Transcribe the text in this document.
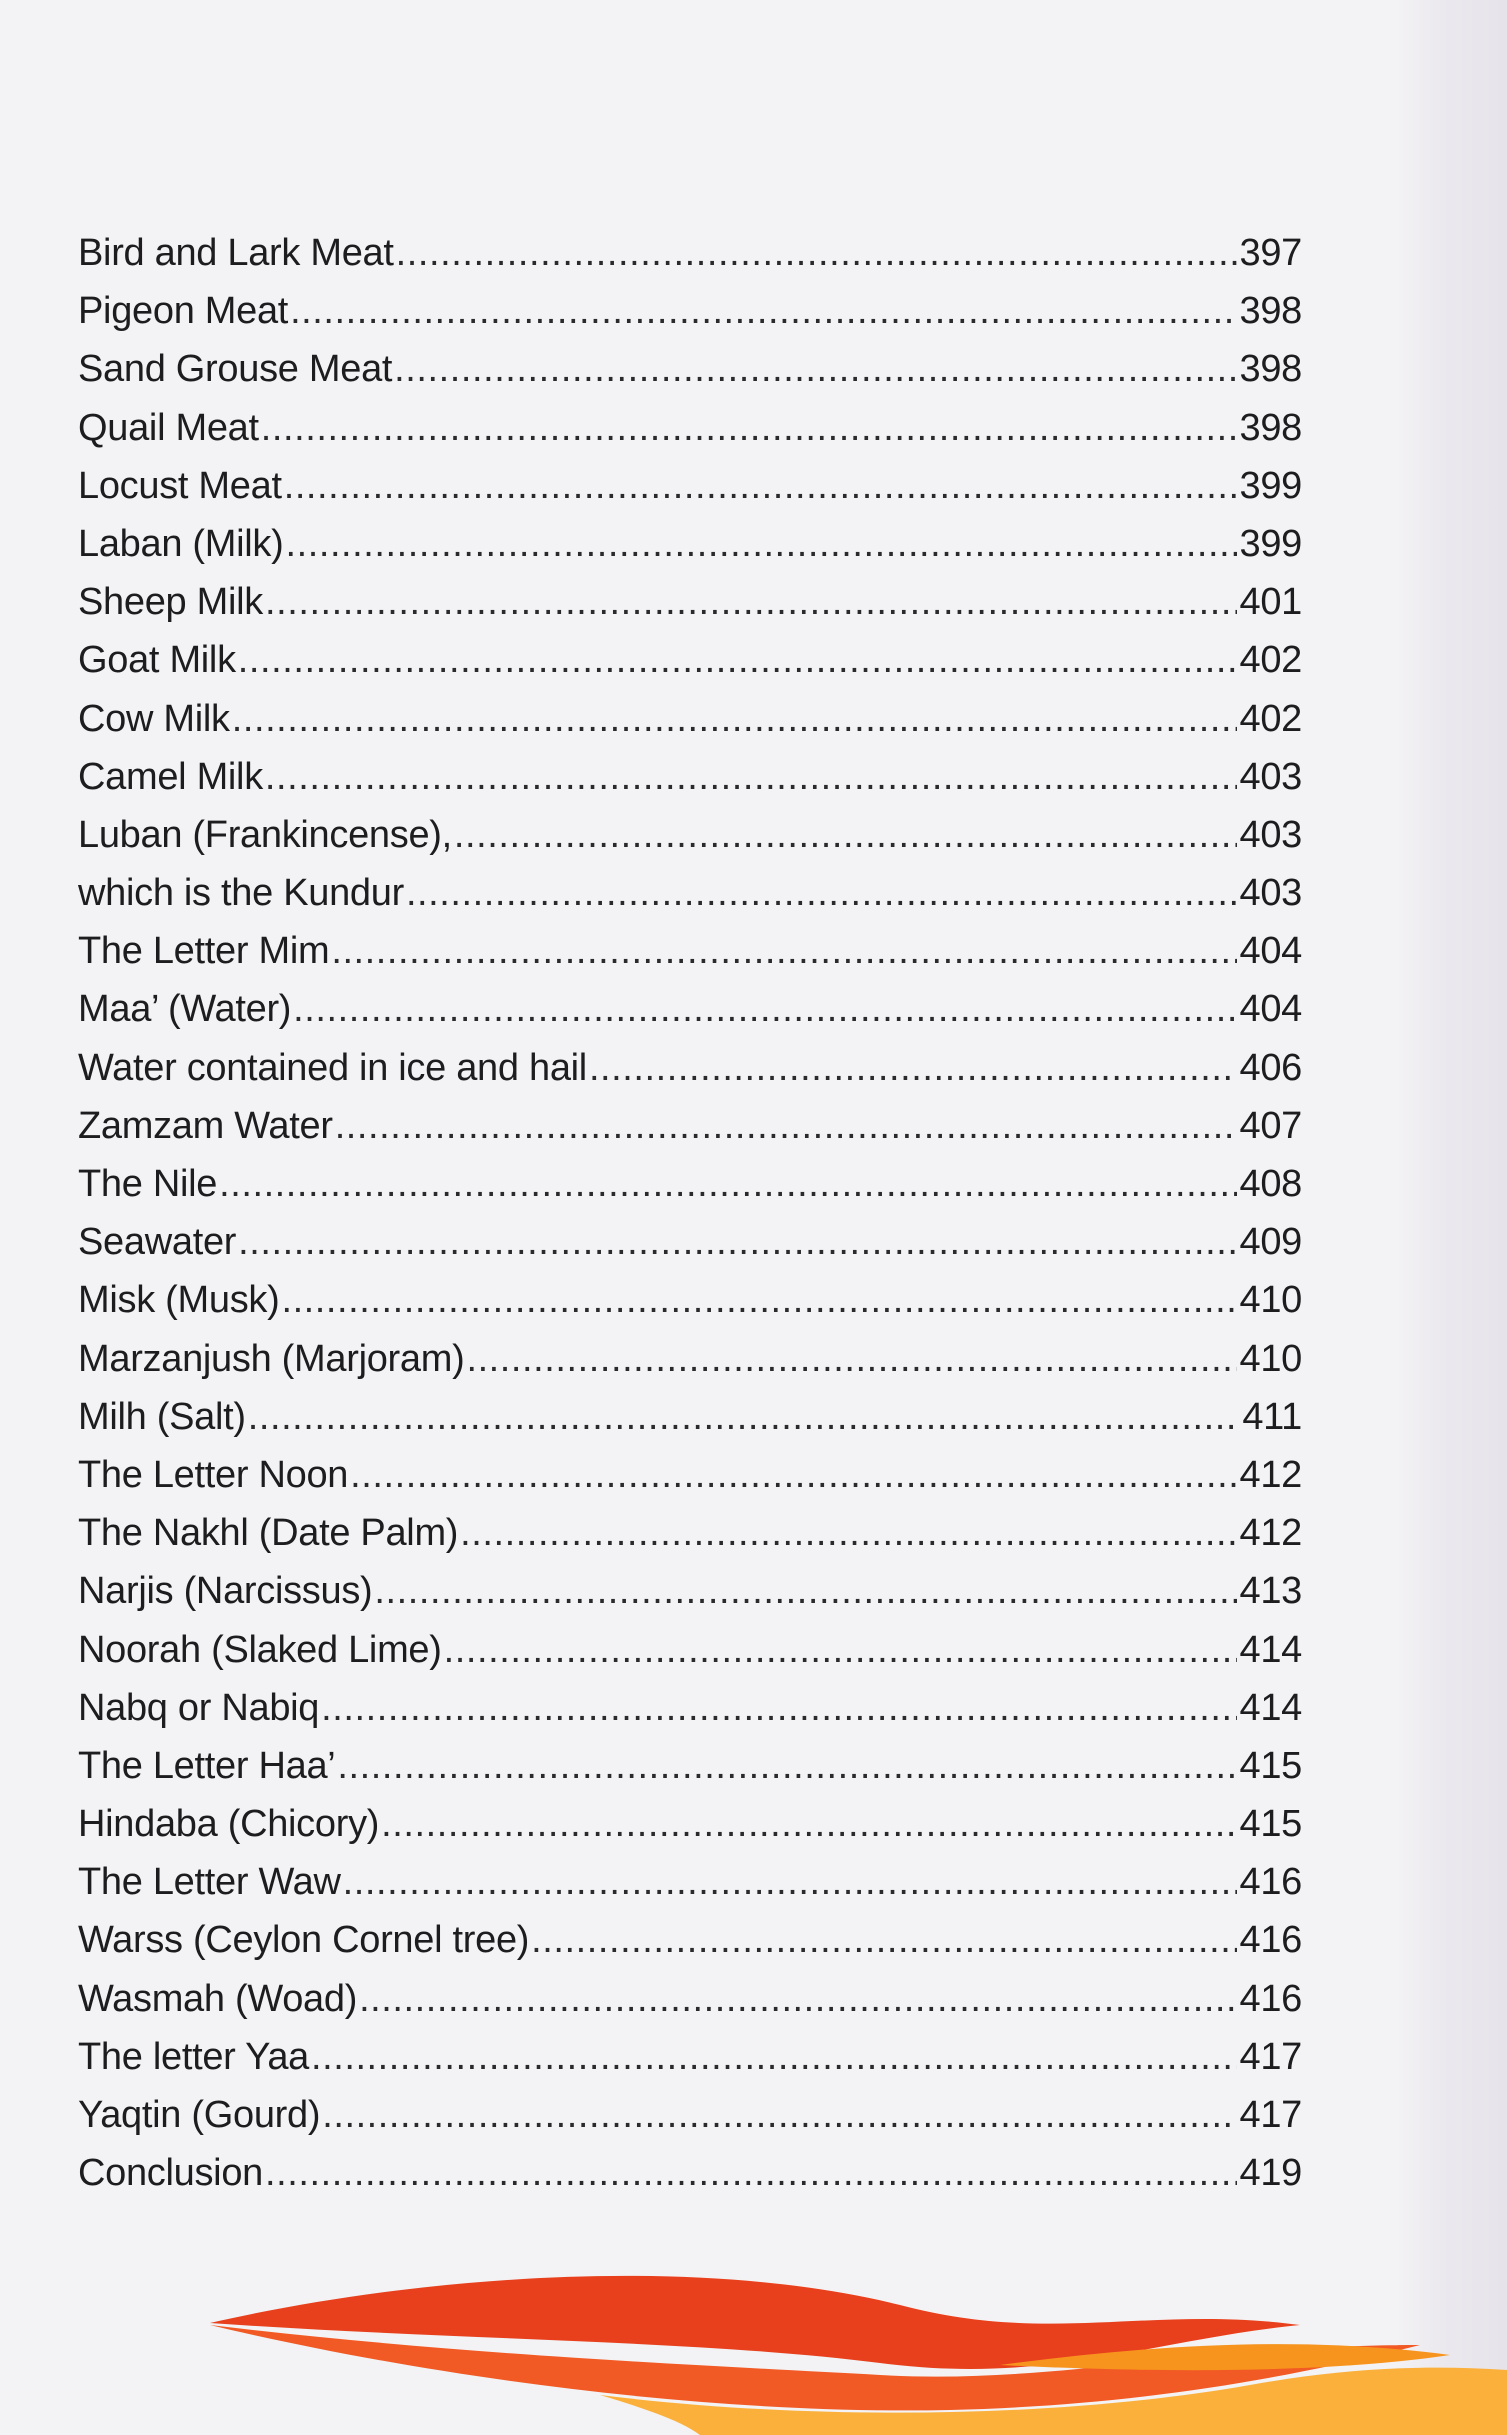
Bird and Lark Meat . . .	397
Pigeon Meat . . .	398
Sand Grouse Meat . . .	398
Quail Meat . . .	398
Locust Meat . . .	399
Laban (Milk) . . .	399
Sheep Milk . . .	401
Goat Milk . . .	402
Cow Milk . . .	402
Camel Milk . . .	403
Luban (Frankincense), . . .	403
which is the Kundur . . .	403
The Letter Mim . . .	404
Maa’ (Water) . . .	404
Water contained in ice and hail . . .	406
Zamzam Water . . .	407
The Nile . . .	408
Seawater . . .	409
Misk (Musk) . . .	410
Marzanjush (Marjoram) . . .	410
Milh (Salt) . . .	411
The Letter Noon . . .	412
The Nakhl (Date Palm) . . .	412
Narjis (Narcissus) . . .	413
Noorah (Slaked Lime) . . .	414
Nabq or Nabiq . . .	414
The Letter Haa’ . . .	415
Hindaba (Chicory) . . .	415
The Letter Waw . . .	416
Warss (Ceylon Cornel tree) . . .	416
Wasmah (Woad) . . .	416
The letter Yaa . . .	417
Yaqtin (Gourd) . . .	417
Conclusion . . .	419
